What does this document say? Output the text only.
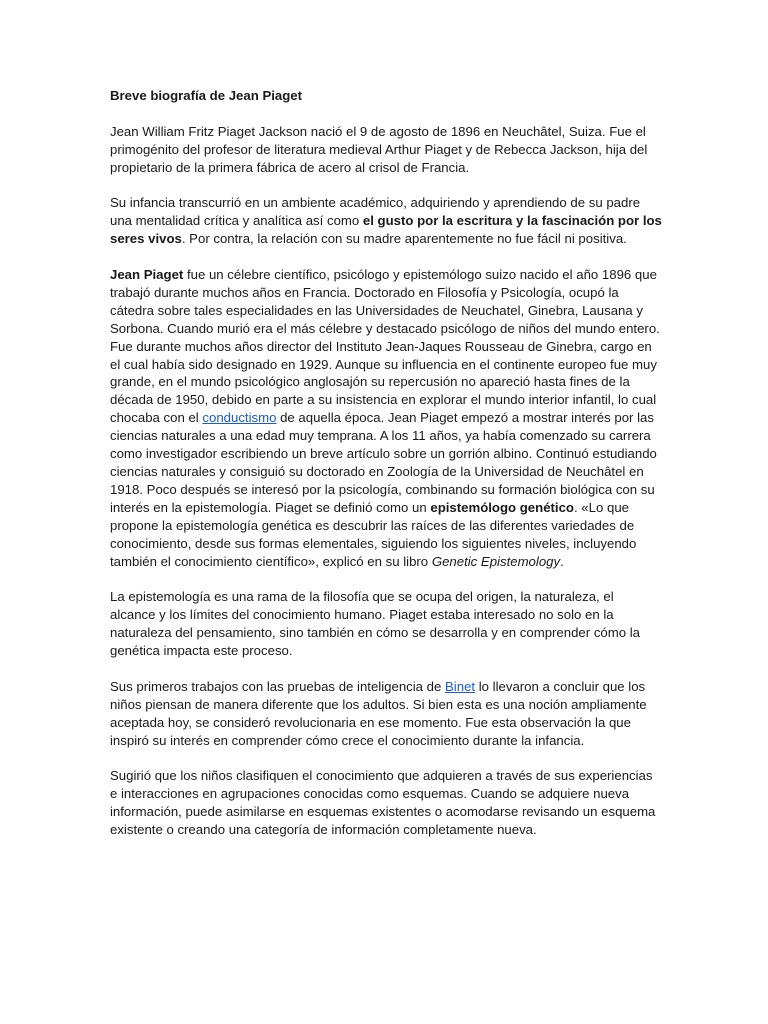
Breve biografía de Jean Piaget

Jean William Fritz Piaget Jackson nació el 9 de agosto de 1896 en Neuchâtel, Suiza. Fue el primogénito del profesor de literatura medieval Arthur Piaget y de Rebecca Jackson, hija del propietario de la primera fábrica de acero al crisol de Francia.

Su infancia transcurrió en un ambiente académico, adquiriendo y aprendiendo de su padre una mentalidad crítica y analítica así como el gusto por la escritura y la fascinación por los seres vivos. Por contra, la relación con su madre aparentemente no fue fácil ni positiva.

Jean Piaget fue un célebre científico, psicólogo y epistemólogo suizo nacido el año 1896 que trabajó durante muchos años en Francia. Doctorado en Filosofía y Psicología, ocupó la cátedra sobre tales especialidades en las Universidades de Neuchatel, Ginebra, Lausana y Sorbona. Cuando murió era el más célebre y destacado psicólogo de niños del mundo entero. Fue durante muchos años director del Instituto Jean-Jaques Rousseau de Ginebra, cargo en el cual había sido designado en 1929. Aunque su influencia en el continente europeo fue muy grande, en el mundo psicológico anglosajón su repercusión no apareció hasta fines de la década de 1950, debido en parte a su insistencia en explorar el mundo interior infantil, lo cual chocaba con el conductismo de aquella época. Jean Piaget empezó a mostrar interés por las ciencias naturales a una edad muy temprana. A los 11 años, ya había comenzado su carrera como investigador escribiendo un breve artículo sobre un gorrión albino. Continuó estudiando ciencias naturales y consiguió su doctorado en Zoología de la Universidad de Neuchâtel en 1918. Poco después se interesó por la psicología, combinando su formación biológica con su interés en la epistemología. Piaget se definió como un epistemólogo genético. «Lo que propone la epistemología genética es descubrir las raíces de las diferentes variedades de conocimiento, desde sus formas elementales, siguiendo los siguientes niveles, incluyendo también el conocimiento científico», explicó en su libro Genetic Epistemology.

La epistemología es una rama de la filosofía que se ocupa del origen, la naturaleza, el alcance y los límites del conocimiento humano. Piaget estaba interesado no solo en la naturaleza del pensamiento, sino también en cómo se desarrolla y en comprender cómo la genética impacta este proceso.

Sus primeros trabajos con las pruebas de inteligencia de Binet lo llevaron a concluir que los niños piensan de manera diferente que los adultos. Si bien esta es una noción ampliamente aceptada hoy, se consideró revolucionaria en ese momento. Fue esta observación la que inspiró su interés en comprender cómo crece el conocimiento durante la infancia.

Sugirió que los niños clasifiquen el conocimiento que adquieren a través de sus experiencias e interacciones en agrupaciones conocidas como esquemas. Cuando se adquiere nueva información, puede asimilarse en esquemas existentes o acomodarse revisando un esquema existente o creando una categoría de información completamente nueva.
